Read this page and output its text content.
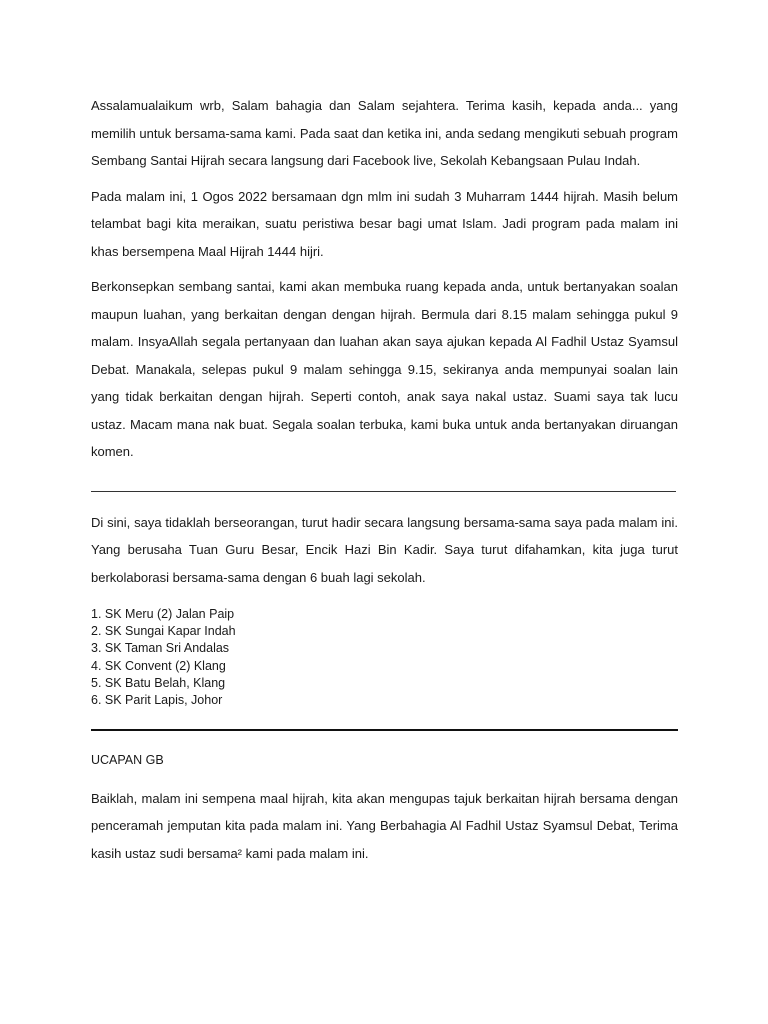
Assalamualaikum wrb, Salam bahagia dan Salam sejahtera. Terima kasih, kepada anda... yang memilih untuk bersama-sama kami. Pada saat dan ketika ini, anda sedang mengikuti sebuah program Sembang Santai Hijrah secara langsung dari Facebook live, Sekolah Kebangsaan Pulau Indah.

Pada malam ini, 1 Ogos 2022 bersamaan dgn mlm ini sudah 3 Muharram 1444 hijrah. Masih belum telambat bagi kita meraikan, suatu peristiwa besar bagi umat Islam. Jadi program pada malam ini khas bersempena Maal Hijrah 1444 hijri.

Berkonsepkan sembang santai, kami akan membuka ruang kepada anda, untuk bertanyakan soalan maupun luahan, yang berkaitan dengan dengan hijrah. Bermula dari 8.15 malam sehingga pukul 9 malam. InsyaAllah segala pertanyaan dan luahan akan saya ajukan kepada Al Fadhil Ustaz Syamsul Debat. Manakala, selepas pukul 9 malam sehingga 9.15, sekiranya anda mempunyai soalan lain yang tidak berkaitan dengan hijrah. Seperti contoh, anak saya nakal ustaz. Suami saya tak lucu ustaz. Macam mana nak buat. Segala soalan terbuka, kami buka untuk anda bertanyakan diruangan komen.

Di sini, saya tidaklah berseorangan, turut hadir secara langsung bersama-sama saya pada malam ini. Yang berusaha Tuan Guru Besar, Encik Hazi Bin Kadir. Saya turut difahamkan, kita juga turut berkolaborasi bersama-sama dengan 6 buah lagi sekolah.

1. SK Meru (2) Jalan Paip
2. SK Sungai Kapar Indah
3. SK Taman Sri Andalas
4. SK Convent (2) Klang
5. SK Batu Belah, Klang
6. SK Parit Lapis, Johor

UCAPAN GB

Baiklah, malam ini sempena maal hijrah, kita akan mengupas tajuk berkaitan hijrah bersama dengan penceramah jemputan kita pada malam ini. Yang Berbahagia Al Fadhil Ustaz Syamsul Debat, Terima kasih ustaz sudi bersama² kami pada malam ini.
